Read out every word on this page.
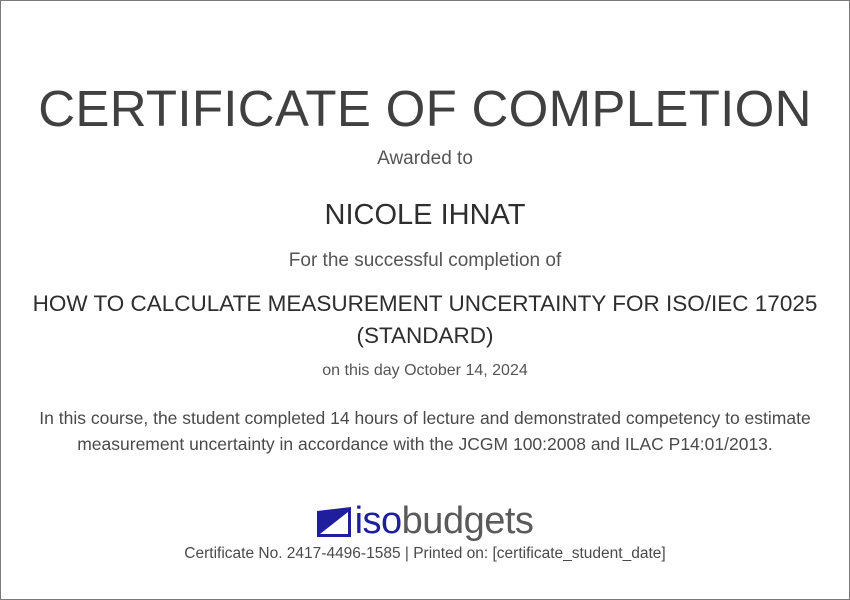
CERTIFICATE OF COMPLETION
Awarded to
NICOLE IHNAT
For the successful completion of
HOW TO CALCULATE MEASUREMENT UNCERTAINTY FOR ISO/IEC 17025 (STANDARD)
on this day October 14, 2024
In this course, the student completed 14 hours of lecture and demonstrated competency to estimate measurement uncertainty in accordance with the JCGM 100:2008 and ILAC P14:01/2013.
iso budgets
Certificate No. 2417-4496-1585 | Printed on: [certificate_student_date]
